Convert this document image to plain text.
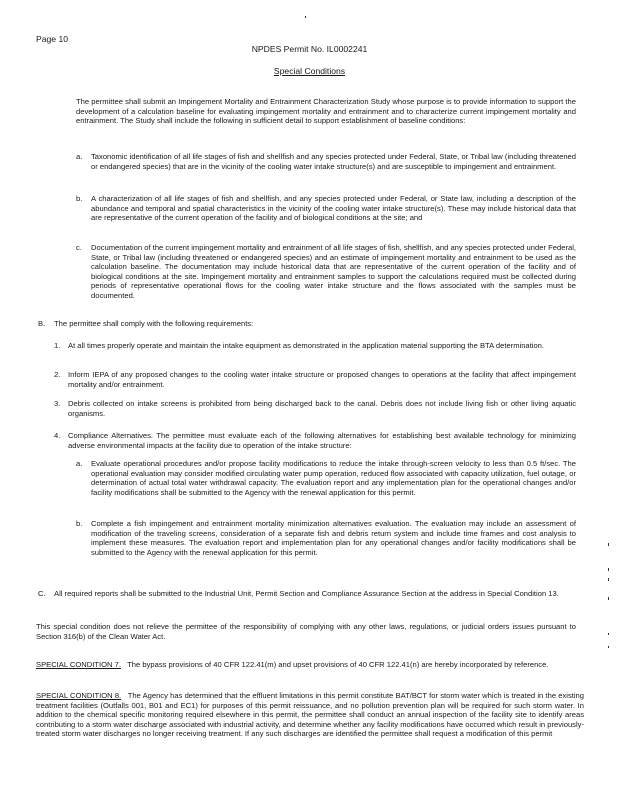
Page 10
NPDES Permit No. IL0002241
Special Conditions
The permittee shall submit an Impingement Mortality and Entrainment Characterization Study whose purpose is to provide information to support the development of a calculation baseline for evaluating impingement mortality and entrainment and to characterize current impingement mortality and entrainment. The Study shall include the following in sufficient detail to support establishment of baseline conditions:
a. Taxonomic identification of all life stages of fish and shellfish and any species protected under Federal, State, or Tribal law (including threatened or endangered species) that are in the vicinity of the cooling water intake structure(s) and are susceptible to impingement and entrainment.
b. A characterization of all life stages of fish and shellfish, and any species protected under Federal, or State law, including a description of the abundance and temporal and spatial characteristics in the vicinity of the cooling water intake structure(s). These may include historical data that are representative of the current operation of the facility and of biological conditions at the site; and
c. Documentation of the current impingement mortality and entrainment of all life stages of fish, shellfish, and any species protected under Federal, State, or Tribal law (including threatened or endangered species) and an estimate of impingement mortality and entrainment to be used as the calculation baseline. The documentation may include historical data that are representative of the current operation of the facility and of biological conditions at the site. Impingement mortality and entrainment samples to support the calculations required must be collected during periods of representative operational flows for the cooling water intake structure and the flows associated with the samples must be documented.
B. The permittee shall comply with the following requirements:
1. At all times properly operate and maintain the intake equipment as demonstrated in the application material supporting the BTA determination.
2. Inform IEPA of any proposed changes to the cooling water intake structure or proposed changes to operations at the facility that affect impingement mortality and/or entrainment.
3. Debris collected on intake screens is prohibited from being discharged back to the canal. Debris does not include living fish or other living aquatic organisms.
4. Compliance Alternatives. The permittee must evaluate each of the following alternatives for establishing best available technology for minimizing adverse environmental impacts at the facility due to operation of the intake structure:
a. Evaluate operational procedures and/or propose facility modifications to reduce the intake through-screen velocity to less than 0.5 ft/sec. The operational evaluation may consider modified circulating water pump operation, reduced flow associated with capacity utilization, fuel outage, or determination of actual total water withdrawal capacity. The evaluation report and any implementation plan for the operational changes and/or facility modifications shall be submitted to the Agency with the renewal application for this permit.
b. Complete a fish impingement and entrainment mortality minimization alternatives evaluation. The evaluation may include an assessment of modification of the traveling screens, consideration of a separate fish and debris return system and include time frames and cost analysis to implement these measures. The evaluation report and implementation plan for any operational changes and/or facility modifications shall be submitted to the Agency with the renewal application for this permit.
C. All required reports shall be submitted to the Industrial Unit, Permit Section and Compliance Assurance Section at the address in Special Condition 13.
This special condition does not relieve the permittee of the responsibility of complying with any other laws, regulations, or judicial orders issues pursuant to Section 316(b) of the Clean Water Act.
SPECIAL CONDITION 7. The bypass provisions of 40 CFR 122.41(m) and upset provisions of 40 CFR 122.41(n) are hereby incorporated by reference.
SPECIAL CONDITION 8. The Agency has determined that the effluent limitations in this permit constitute BAT/BCT for storm water which is treated in the existing treatment facilities (Outfalls 001, B01 and EC1) for purposes of this permit reissuance, and no pollution prevention plan will be required for such storm water. In addition to the chemical specific monitoring required elsewhere in this permit, the permittee shall conduct an annual inspection of the facility site to identify areas contributing to a storm water discharge associated with industrial activity, and determine whether any facility modifications have occurred which result in previously-treated storm water discharges no longer receiving treatment. If any such discharges are identified the permittee shall request a modification of this permit
